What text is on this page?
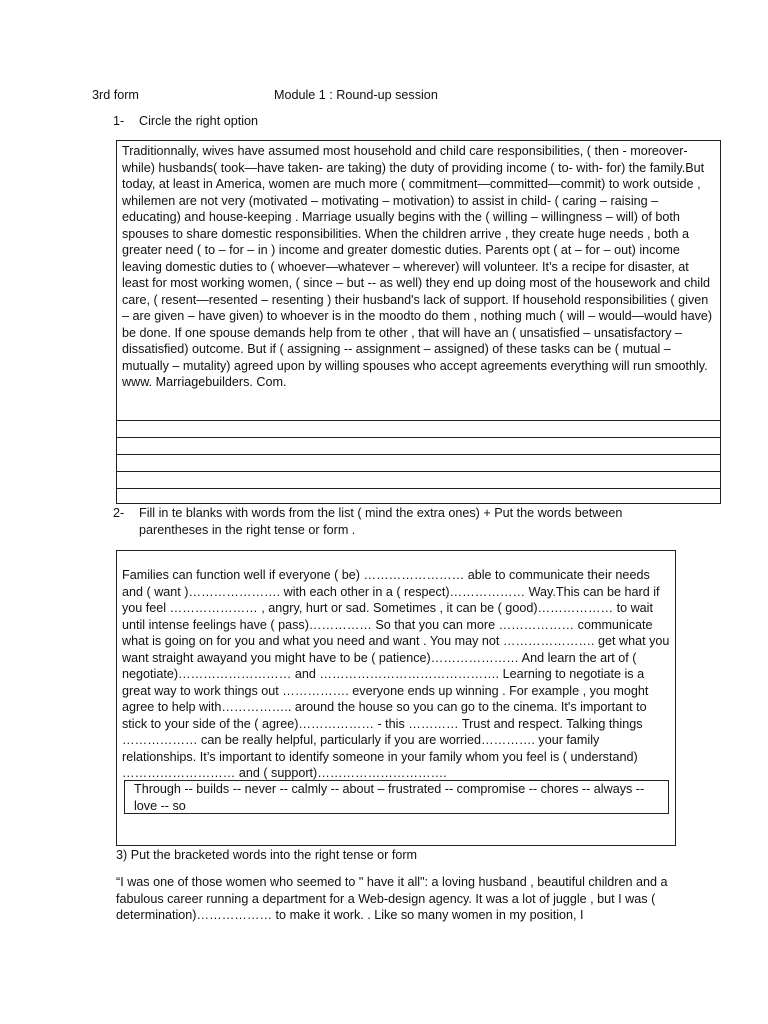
3rd form	Module 1 : Round-up session
1-	Circle the right option
Traditionnally, wives have assumed most household and child care responsibilities, ( then - moreover- while) husbands( took—have taken- are taking) the duty of providing income ( to- with- for) the family.But today, at least in America, women are much more ( commitment—committed—commit) to work outside , whilemen are not very (motivated – motivating – motivation) to assist in child- ( caring – raising – educating) and house-keeping . Marriage usually begins with the ( willing – willingness – will) of both spouses to share domestic responsibilities. When the children arrive , they create huge needs , both a greater need ( to – for – in ) income and greater domestic duties. Parents opt ( at – for – out) income leaving domestic duties to ( whoever—whatever – wherever) will volunteer. It’s a recipe for disaster, at least for most working women, ( since – but -- as well) they end up doing most of the housework and child care, ( resent—resented – resenting ) their husband's lack of support. If household responsibilities ( given – are given – have given) to whoever is in the moodto do them , nothing much ( will – would—would have) be done. If one spouse demands help from te other , that will have an ( unsatisfied – unsatisfactory – dissatisfied) outcome. But if ( assigning -- assignment – assigned) of these tasks can be ( mutual – mutually – mutality) agreed upon by willing spouses who accept agreements everything will run smoothly.
www. Marriagebuilders. Com.
2-	Fill in te blanks with words from the list ( mind the extra ones) + Put the words between parentheses in the right tense or form .
Families can function well if everyone ( be) …………………… able to communicate their needs and ( want )…………………. with each other in a ( respect)……………… Way.This can be hard if you feel ………………… , angry, hurt or sad. Sometimes , it can be ( good)……………… to wait until intense feelings have ( pass)…………… So that you can more ……………… communicate what is going on for you and what you need and want . You may not …………………. get what you want straight awayand you might have to be ( patience)………………… And learn the art of ( negotiate)……………………… and ……………………………………. Learning to negotiate is a great way to work things out ……………. everyone ends up winning . For example , you moght agree to help with…………….. around the house so you can go to the cinema. It's important to stick to your side of the ( agree)……………… - this ………… Trust and respect. Talking things ……………… can be really helpful, particularly if you are worried…………. your family relationships. It’s important to identify someone in your family whom you feel is ( understand) ……………………… and ( support)………………………….
Through -- builds -- never -- calmly -- about – frustrated -- compromise -- chores -- always -- love -- so
3) Put the bracketed words into the right tense or form
“I was one of those women who seemed to " have it all": a loving husband , beautiful children and a fabulous career running a department for a Web-design agency. It was a lot of juggle , but I was ( determination)……………… to make it work. . Like so many women in my position, I
